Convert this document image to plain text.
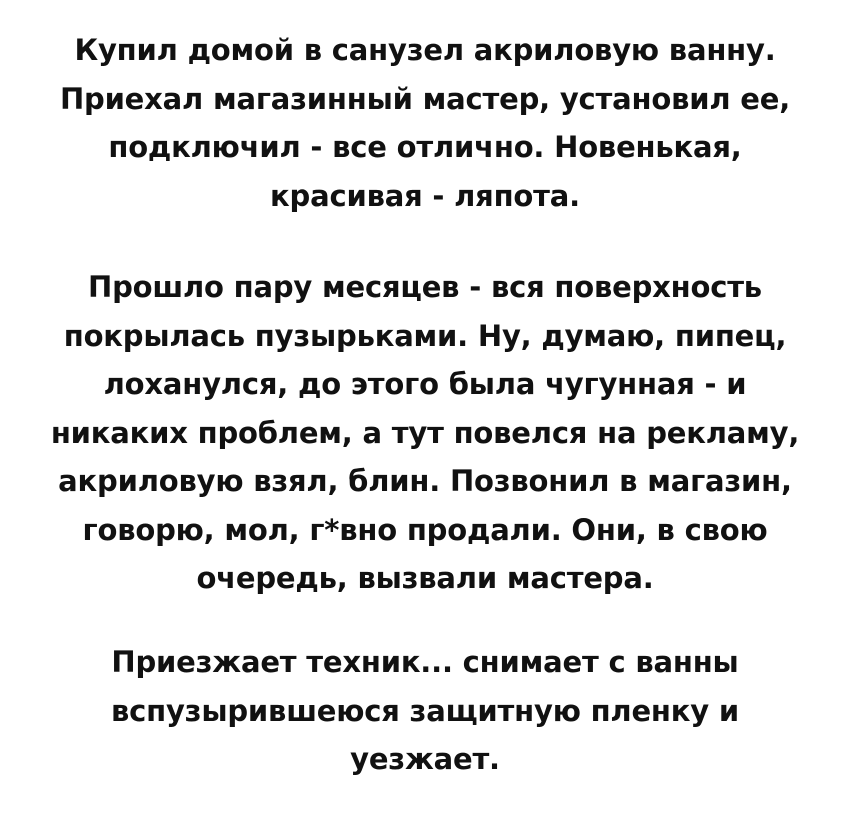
Купил домой в санузел акриловую ванну.
Приехал магазинный мастер, установил ее,
подключил - все отлично. Новенькая,
красивая - ляпота.
Прошло пару месяцев - вся поверхность
покрылась пузырьками. Ну, думаю, пипец,
лоханулся, до этого была чугунная - и
никаких проблем, а тут повелся на рекламу,
акриловую взял, блин. Позвонил в магазин,
говорю, мол, г*вно продали. Они, в свою
очередь, вызвали мастера.
Приезжает техник... снимает с ванны
вспузырившеюся защитную пленку и
уезжает.
